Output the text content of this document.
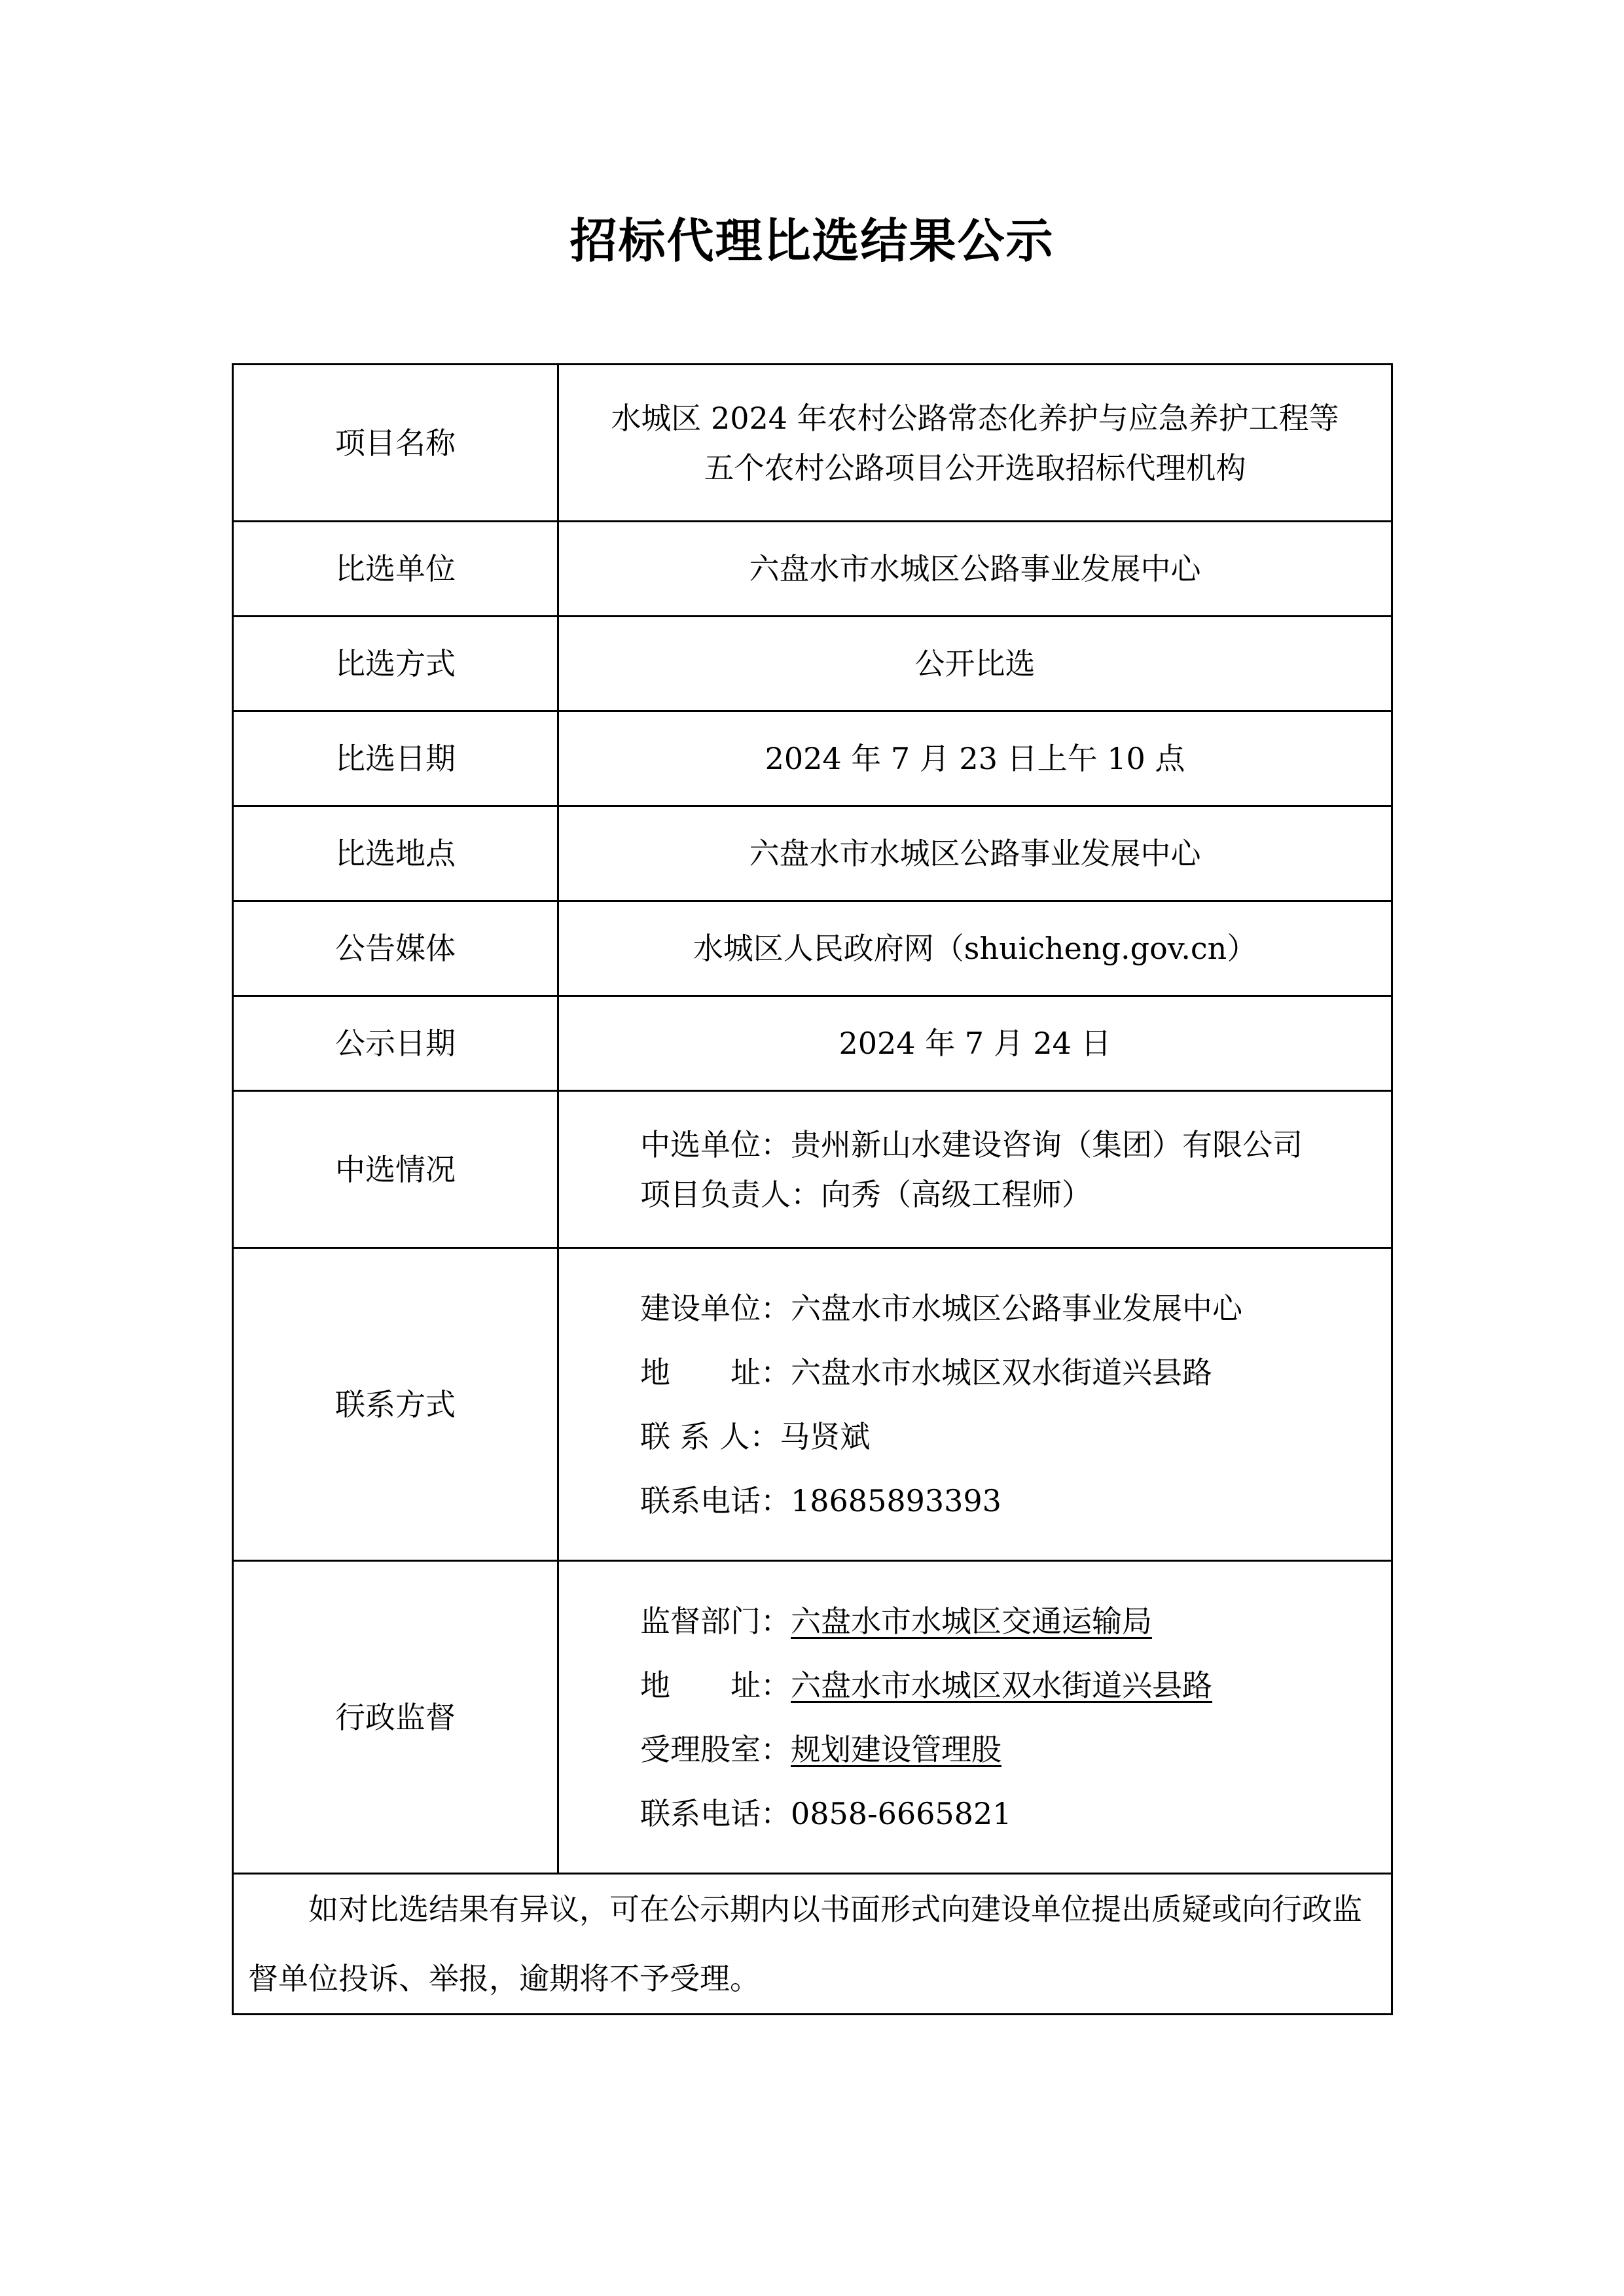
招标代理比选结果公示
项目名称	水城区 2024 年农村公路常态化养护与应急养护工程等
五个农村公路项目公开选取招标代理机构

比选单位	六盘水市水城区公路事业发展中心
比选方式	公开比选
比选日期	2024 年 7 月 23 日上午 10 点
比选地点	六盘水市水城区公路事业发展中心
公告媒体	水城区人民政府网（shuicheng.gov.cn）
公示日期	2024 年 7 月 24 日
中选情况	中选单位：贵州新山水建设咨询（集团）有限公司
项目负责人：向秀（高级工程师）

联系方式	建设单位：六盘水市水城区公路事业发展中心
地　　址：六盘水市水城区双水街道兴县路
联 系 人：马贤斌
联系电话：18685893393

行政监督	监督部门：六盘水市水城区交通运输局
地　　址：六盘水市水城区双水街道兴县路
受理股室：规划建设管理股
联系电话：0858-6665821

如对比选结果有异议，可在公示期内以书面形式向建设单位提出质疑或向行政监督单位投诉、举报，逾期将不予受理。	
